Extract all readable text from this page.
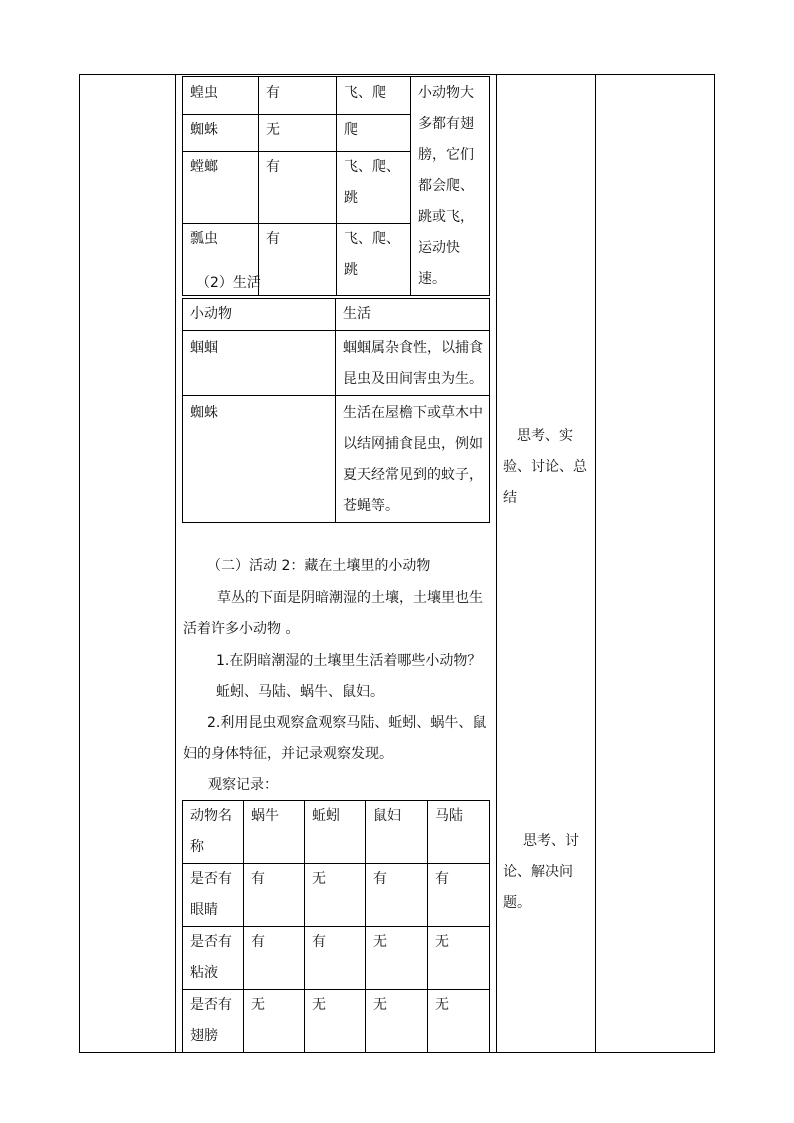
蝗虫	有	飞、爬	小动物大多都有翅膀，它们都会爬、跳或飞，运动快速。
蜘蛛	无	爬	
螳螂	有	飞、爬、跳	
瓢虫	有	飞、爬、跳	
（2）生活
小动物	生活
蝈蝈	蝈蝈属杂食性，以捕食昆虫及田间害虫为生。
蜘蛛	生活在屋檐下或草木中以结网捕食昆虫，例如夏天经常见到的蚊子，苍蝇等。
（二）活动 2：藏在土壤里的小动物
草丛的下面是阴暗潮湿的土壤，土壤里也生活着许多小动物 。
1.在阴暗潮湿的土壤里生活着哪些小动物？
蚯蚓、马陆、蜗牛、鼠妇。
2.利用昆虫观察盒观察马陆、蚯蚓、蜗牛、鼠妇的身体特征，并记录观察发现。
观察记录：
动物名称	蜗牛	蚯蚓	鼠妇	马陆
是否有眼睛	有	无	有	有
是否有粘液	有	有	无	无
是否有翅膀	无	无	无	无
思考、实验、讨论、总结
思考、讨论、解决问题。
